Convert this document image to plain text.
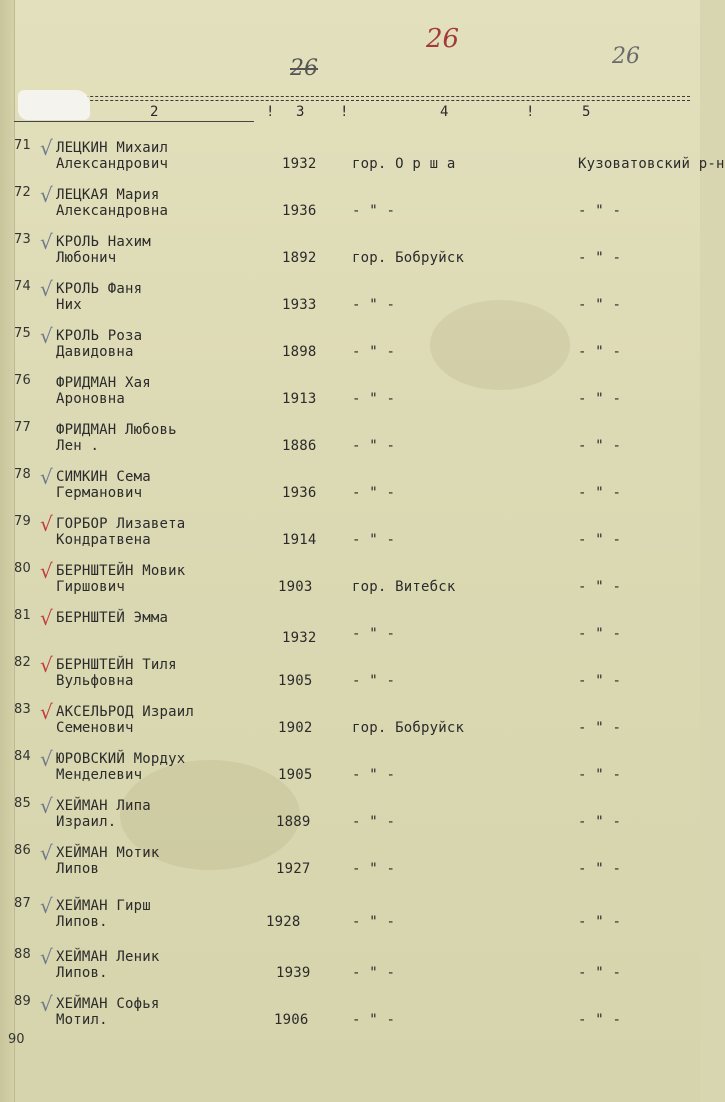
26
26
26
2	! 3	!	4	!	5
71 ЛЕЦКИН Михаил
Александрович	1932	гор. О р ш а	Кузоватовский р-н
√
72 ЛЕЦКАЯ Мария
Александровна	1936	- " -	- " -
√
73 КРОЛЬ Нахим
Любонич	1892	гор. Бобруйск	- " -
√
74 КРОЛЬ Фаня
Них	1933	- " -	- " -
√
75 КРОЛЬ Роза
Давидовна	1898	- " -	- " -
√
76 ФРИДМАН Хая
Ароновна	1913	- " -	- " -
77 ФРИДМАН Любовь
Лен .	1886	- " -	- " -
78 СИМКИН Сема
Германович	1936	- " -	- " -
√
79 ГОРБОР Лизавета
Кондратвена	1914	- " -	- " -
√
80 БЕРНШТЕЙН Мовик
Гиршович	1903	гор. Витебск	- " -
√
81 БЕРНШТЕЙ Эмма
1932	- " -	- " -
√
82 БЕРНШТЕЙН Тиля
Вульфовна	1905	- " -	- " -
√
83 АКСЕЛЬРОД Израил
Семенович	1902	гор. Бобруйск	- " -
√
84 ЮРОВСКИЙ Мордух
Менделевич	1905	- " -	- " -
√
85 ХЕЙМАН Липа
Израил.	1889	- " -	- " -
√
86 ХЕЙМАН Мотик
Липов	1927	- " -	- " -
√
87 ХЕЙМАН Гирш
Липов.	1928	- " -	- " -
√
88 ХЕЙМАН Леник
Липов.	1939	- " -	- " -
√
89 ХЕЙМАН Софья
Мотил.	1906	- " -	- " -
√
90
